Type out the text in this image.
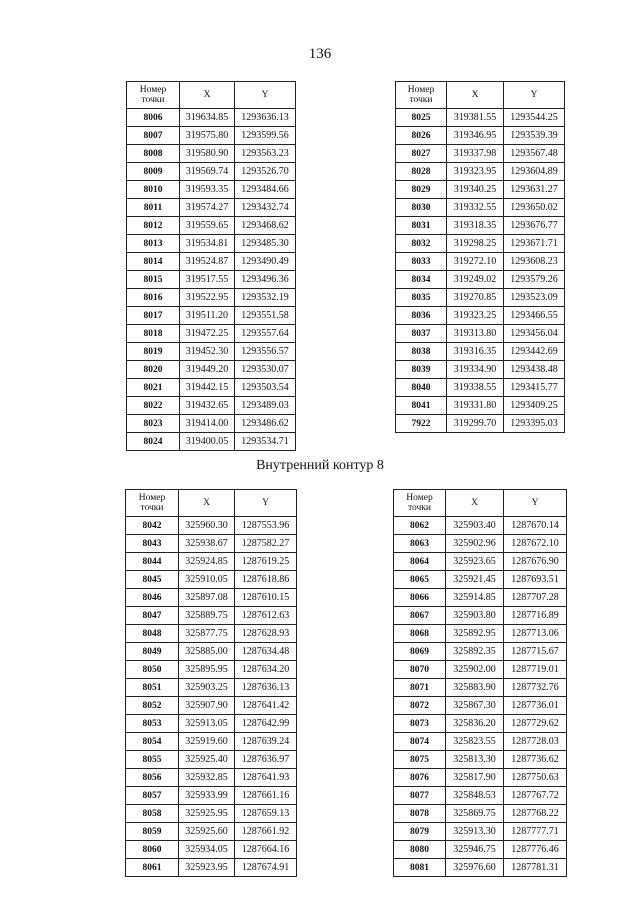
136
Внутренний контур 8
Номер
точки	X	Y
8006	319634.85	1293636.13
8007	319575.80	1293599.56
8008	319580.90	1293563.23
8009	319569.74	1293526.70
8010	319593.35	1293484.66
8011	319574.27	1293432.74
8012	319559.65	1293468.62
8013	319534.81	1293485.30
8014	319524.87	1293490.49
8015	319517.55	1293496.36
8016	319522.95	1293532.19
8017	319511.20	1293551.58
8018	319472.25	1293557.64
8019	319452.30	1293556.57
8020	319449.20	1293530.07
8021	319442.15	1293503.54
8022	319432.65	1293489.03
8023	319414.00	1293486.62
8024	319400.05	1293534.71
Номер
точки	X	Y
8025	319381.55	1293544.25
8026	319346.95	1293539.39
8027	319337.98	1293567.48
8028	319323.95	1293604.89
8029	319340.25	1293631.27
8030	319332.55	1293650.02
8031	319318.35	1293676.77
8032	319298.25	1293671.71
8033	319272.10	1293608.23
8034	319249.02	1293579.26
8035	319270.85	1293523.09
8036	319323.25	1293466.55
8037	319313.80	1293456.04
8038	319316.35	1293442.69
8039	319334.90	1293438.48
8040	319338.55	1293415.77
8041	319331.80	1293409.25
7922	319299.70	1293395.03
Номер
точки	X	Y
8042	325960.30	1287553.96
8043	325938.67	1287582.27
8044	325924.85	1287619.25
8045	325910.05	1287618.86
8046	325897.08	1287610.15
8047	325889.75	1287612.63
8048	325877.75	1287628.93
8049	325885.00	1287634.48
8050	325895.95	1287634.20
8051	325903.25	1287636.13
8052	325907.90	1287641.42
8053	325913.05	1287642.99
8054	325919.60	1287639.24
8055	325925.40	1287636.97
8056	325932.85	1287641.93
8057	325933.99	1287661.16
8058	325925.95	1287659.13
8059	325925.60	1287661.92
8060	325934.05	1287664.16
8061	325923.95	1287674.91
Номер
точки	X	Y
8062	325903.40	1287670.14
8063	325902.96	1287672.10
8064	325923.65	1287676.90
8065	325921.45	1287693.51
8066	325914.85	1287707.28
8067	325903.80	1287716.89
8068	325892.95	1287713.06
8069	325892.35	1287715.67
8070	325902.00	1287719.01
8071	325883.90	1287732.76
8072	325867.30	1287736.01
8073	325836.20	1287729.62
8074	325823.55	1287728.03
8075	325813.30	1287736.62
8076	325817.90	1287750.63
8077	325848.53	1287767.72
8078	325869.75	1287768.22
8079	325913.30	1287777.71
8080	325946.75	1287776.46
8081	325976.60	1287781.31
